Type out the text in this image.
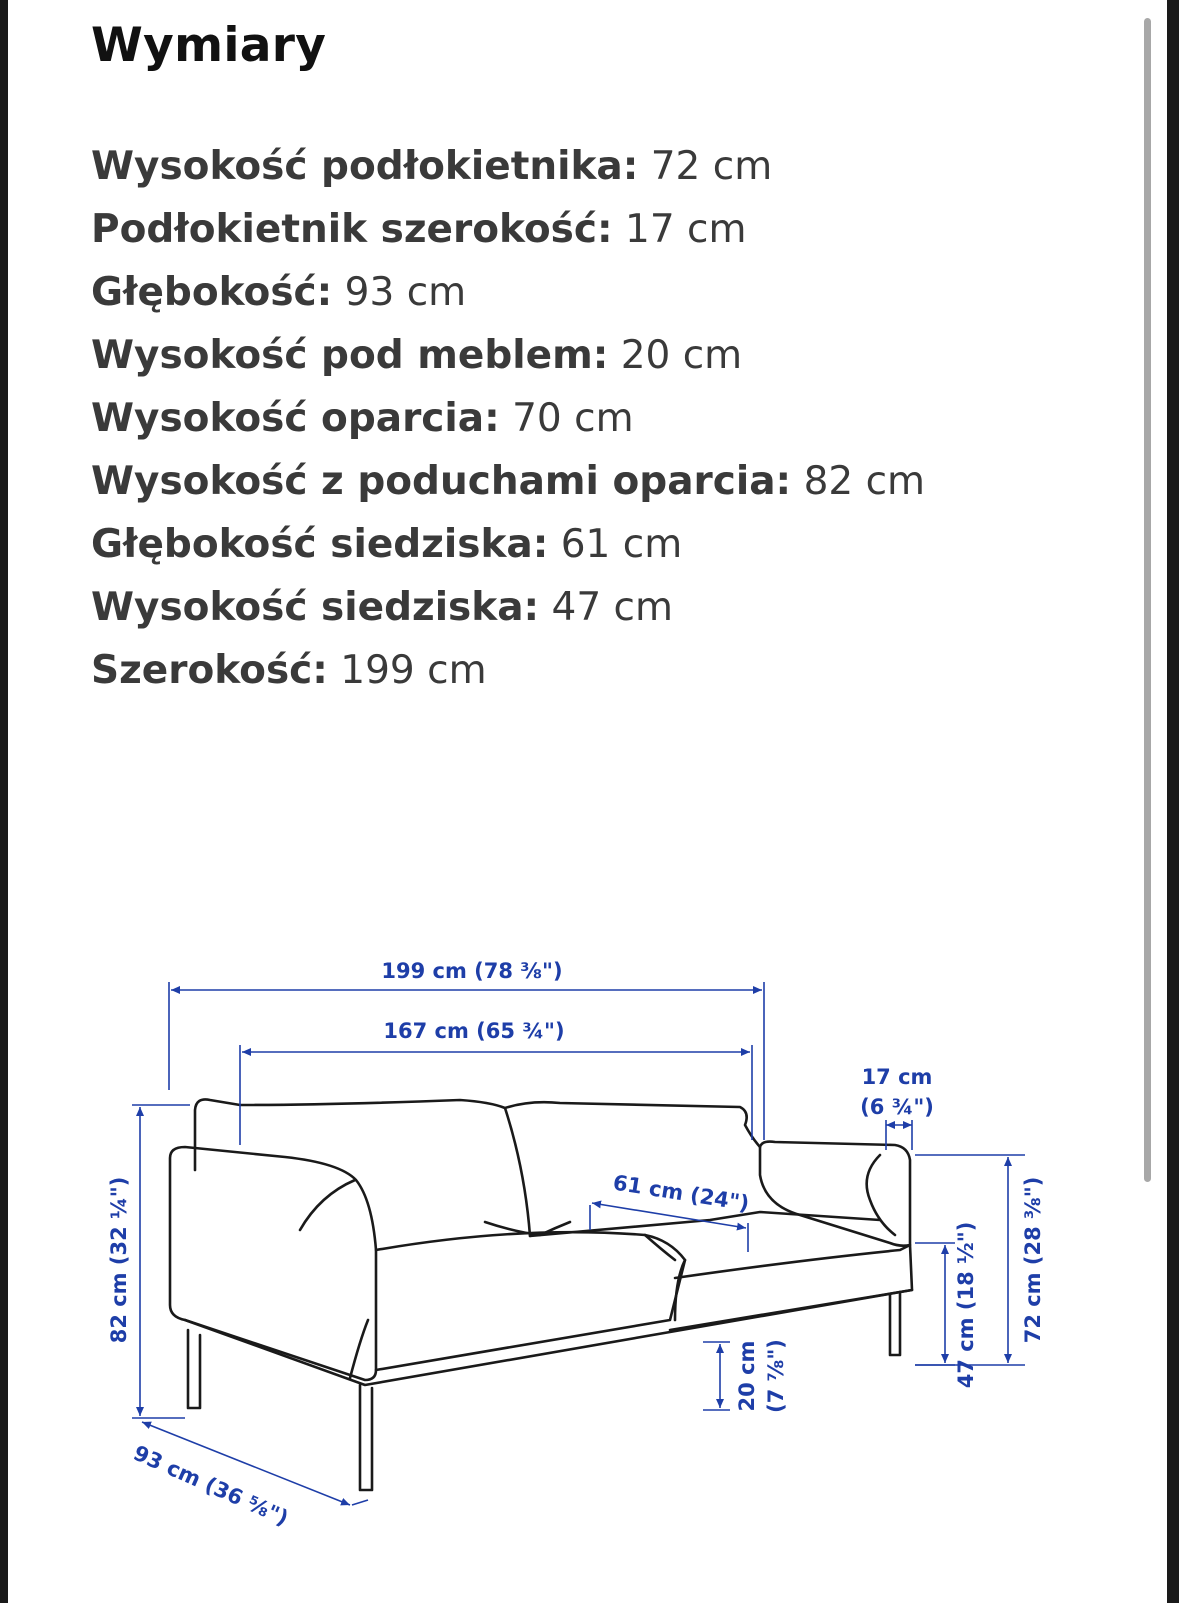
Wymiary
Wysokość podłokietnika: 72 cm
Podłokietnik szerokość: 17 cm
Głębokość: 93 cm
Wysokość pod meblem: 20 cm
Wysokość oparcia: 70 cm
Wysokość z poduchami oparcia: 82 cm
Głębokość siedziska: 61 cm
Wysokość siedziska: 47 cm
Szerokość: 199 cm
199 cm (78 ⅜")
167 cm (65 ¾")
17 cm
(6 ¾")
61 cm (24")
82 cm (32 ¼")	72 cm (28 ⅜")
47 cm (18 ½")
20 cm (7 ⅞")
93 cm (36 ⅝")
